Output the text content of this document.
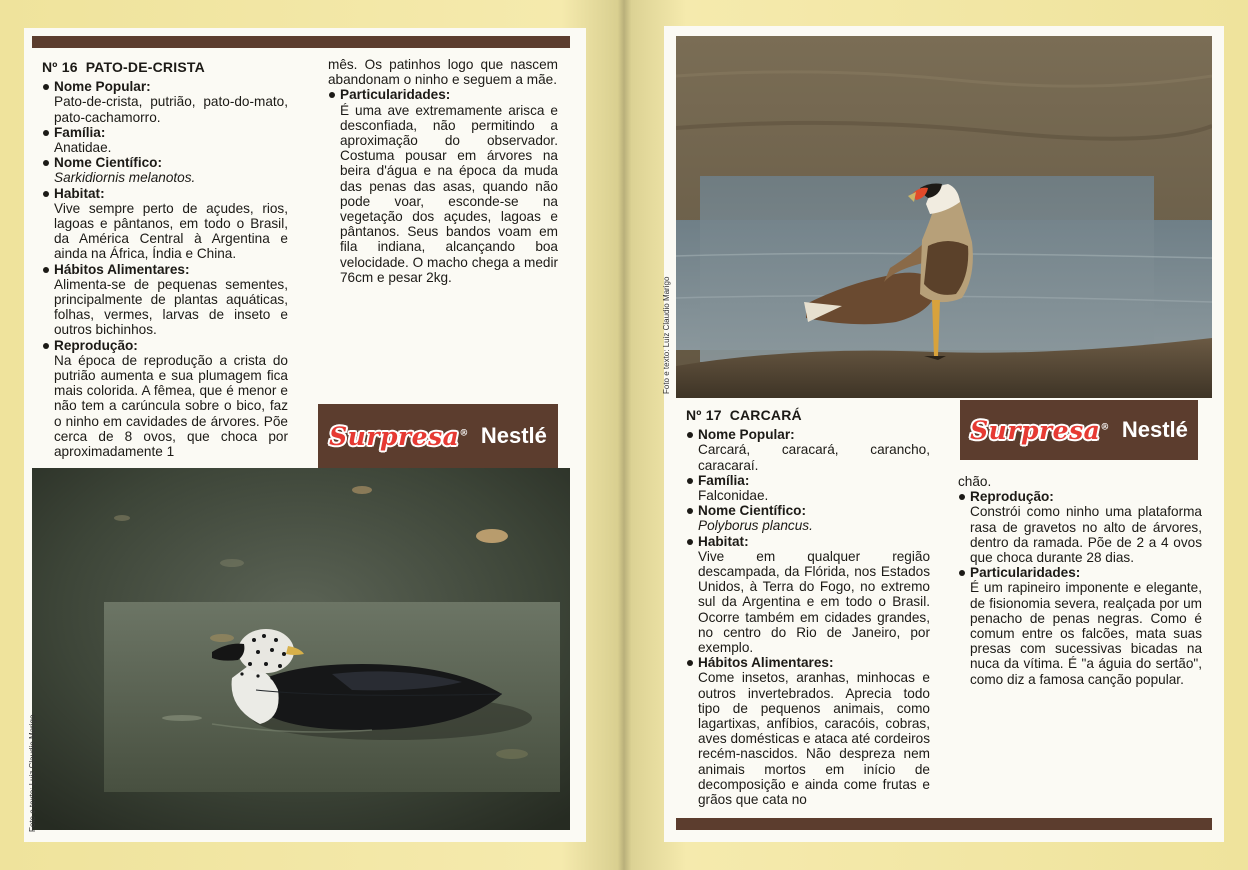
Nº 16 PATO-DE-CRISTA
Nome Popular:
Pato-de-crista, putrião, pato-do-mato, pato-cachamorro.
Família:
Anatidae.
Nome Científico:
Sarkidiornis melanotos.
Habitat:
Vive sempre perto de açudes, rios, lagoas e pântanos, em todo o Brasil, da América Central à Argentina e ainda na África, Índia e China.
Hábitos Alimentares:
Alimenta-se de pequenas sementes, principalmente de plantas aquáticas, folhas, vermes, larvas de inseto e outros bichinhos.
Reprodução:
Na época de reprodução a crista do putrião aumenta e sua plumagem fica mais colorida. A fêmea, que é menor e não tem a carúncula sobre o bico, faz o ninho em cavidades de árvores. Põe cerca de 8 ovos, que choca por aproximadamente 1
mês. Os patinhos logo que nascem abandonam o ninho e seguem a mãe.
Particularidades:
É uma ave extremamente arisca e desconfiada, não permitindo a aproximação do observador. Costuma pousar em árvores na beira d'água e na época da muda das penas das asas, quando não pode voar, esconde-se na vegetação dos açudes, lagoas e pântanos. Seus bandos voam em fila indiana, alcançando boa velocidade. O macho chega a medir 76cm e pesar 2kg.
Surpresa® Nestlé
Foto e texto: Luiz Claudio Marigo
Foto e texto: Luiz Claudio Marigo
Surpresa® Nestlé
Nº 17 CARCARÁ
Nome Popular:
Carcará, caracará, carancho, caracaraí.
Família:
Falconidae.
Nome Científico:
Polyborus plancus.
Habitat:
Vive em qualquer região descampada, da Flórida, nos Estados Unidos, à Terra do Fogo, no extremo sul da Argentina e em todo o Brasil. Ocorre também em cidades grandes, no centro do Rio de Janeiro, por exemplo.
Hábitos Alimentares:
Come insetos, aranhas, minhocas e outros invertebrados. Aprecia todo tipo de pequenos animais, como lagartixas, anfíbios, caracóis, cobras, aves domésticas e ataca até cordeiros recém-nascidos. Não despreza nem animais mortos em início de decomposição e ainda come frutas e grãos que cata no
chão.
Reprodução:
Constrói como ninho uma plataforma rasa de gravetos no alto de árvores, dentro da ramada. Põe de 2 a 4 ovos que choca durante 28 dias.
Particularidades:
É um rapineiro imponente e elegante, de fisionomia severa, realçada por um penacho de penas negras. Como é comum entre os falcões, mata suas presas com sucessivas bicadas na nuca da vítima. É "a águia do sertão", como diz a famosa canção popular.
